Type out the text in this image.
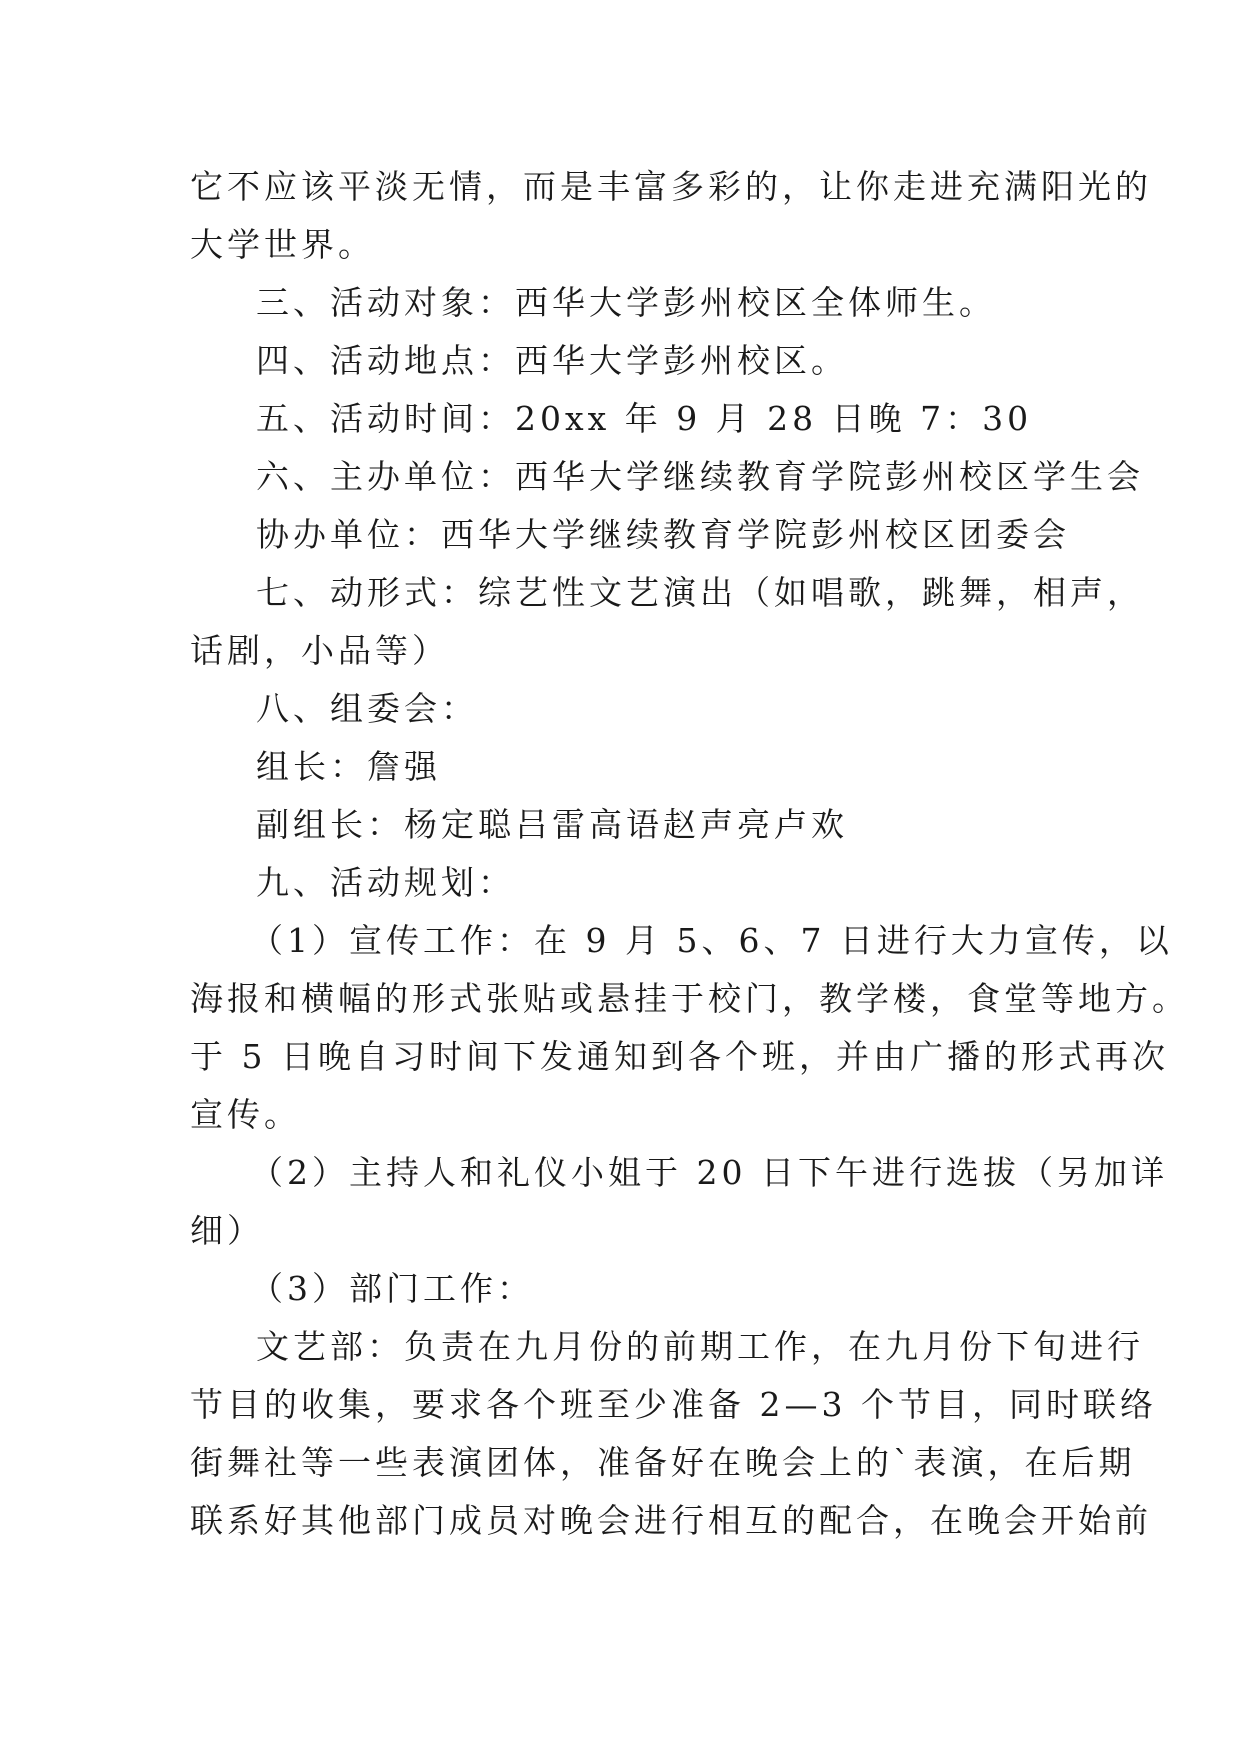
它不应该平淡无情，而是丰富多彩的，让你走进充满阳光的

大学世界。

三、活动对象：西华大学彭州校区全体师生。

四、活动地点：西华大学彭州校区。

五、活动时间：20xx 年 9 月 28 日晚 7：30

六、主办单位：西华大学继续教育学院彭州校区学生会

协办单位：西华大学继续教育学院彭州校区团委会

七、动形式：综艺性文艺演出（如唱歌，跳舞，相声，

话剧，小品等）

八、组委会：

组长：詹强

副组长：杨定聪吕雷高语赵声亮卢欢

九、活动规划：

（1）宣传工作：在 9 月 5、6、7 日进行大力宣传，以

海报和横幅的形式张贴或悬挂于校门，教学楼，食堂等地方。

于 5 日晚自习时间下发通知到各个班，并由广播的形式再次

宣传。

（2）主持人和礼仪小姐于 20 日下午进行选拔（另加详

细）

（3）部门工作：

文艺部：负责在九月份的前期工作，在九月份下旬进行

节目的收集，要求各个班至少准备 2—3 个节目，同时联络

街舞社等一些表演团体，准备好在晚会上的`表演，在后期

联系好其他部门成员对晚会进行相互的配合，在晚会开始前
